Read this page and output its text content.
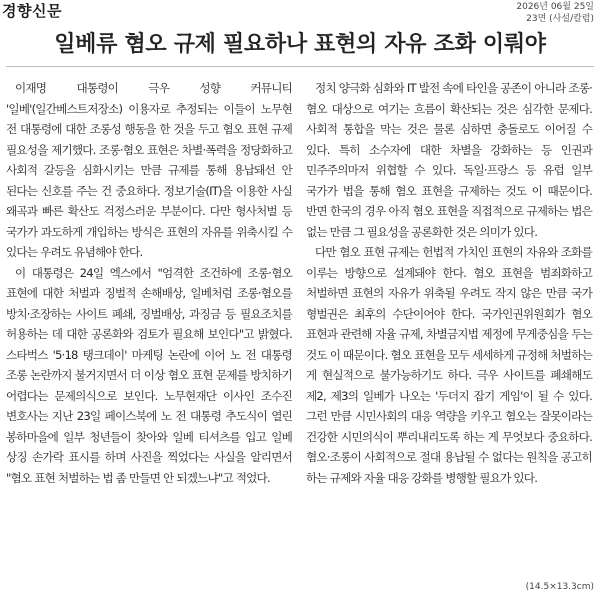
경향신문	2026년 06월 25일
23면 (사설/칼럼)
일베류 혐오 규제 필요하나 표현의 자유 조화 이뤄야

이재명 대통령이 극우 성향 커뮤니티 '일베'(일간베스트저장소) 이용자로 추정되는 이들이 노무현 전 대통령에 대한 조롱성 행동을 한 것을 두고 혐오 표현 규제 필요성을 제기했다. 조롱·혐오 표현은 차별·폭력을 정당화하고 사회적 갈등을 심화시키는 만큼 규제를 통해 용납돼선 안 된다는 신호를 주는 건 중요하다. 정보기술(IT)을 이용한 사실 왜곡과 빠른 확산도 걱정스러운 부분이다. 다만 형사처벌 등 국가가 과도하게 개입하는 방식은 표현의 자유를 위축시킬 수 있다는 우려도 유념해야 한다.

이 대통령은 24일 엑스에서 "엄격한 조건하에 조롱·혐오 표현에 대한 처벌과 징벌적 손해배상, 일베처럼 조롱·혐오를 방치·조장하는 사이트 폐쇄, 징벌배상, 과징금 등 필요조치를 허용하는 데 대한 공론화와 검토가 필요해 보인다"고 밝혔다. 스타벅스 '5·18 탱크데이' 마케팅 논란에 이어 노 전 대통령 조롱 논란까지 불거지면서 더 이상 혐오 표현 문제를 방치하기 어렵다는 문제의식으로 보인다. 노무현재단 이사인 조수진 변호사는 지난 23일 페이스북에 노 전 대통령 추도식이 열린 봉하마을에 일부 청년들이 찾아와 일베 티셔츠를 입고 일베 상징 손가락 표시를 하며 사진을 찍었다는 사실을 알리면서 "혐오 표현 처벌하는 법 좀 만들면 안 되겠느냐"고 적었다.

정치 양극화 심화와 IT 발전 속에 타인을 공존이 아니라 조롱·혐오 대상으로 여기는 흐름이 확산되는 것은 심각한 문제다. 사회적 통합을 막는 것은 물론 심하면 충돌로도 이어질 수 있다. 특히 소수자에 대한 차별을 강화하는 등 인권과 민주주의마저 위협할 수 있다. 독일·프랑스 등 유럽 일부 국가가 법을 통해 혐오 표현을 규제하는 것도 이 때문이다. 반면 한국의 경우 아직 혐오 표현을 직접적으로 규제하는 법은 없는 만큼 그 필요성을 공론화한 것은 의미가 있다.

다만 혐오 표현 규제는 헌법적 가치인 표현의 자유와 조화를 이루는 방향으로 설계돼야 한다. 혐오 표현을 범죄화하고 처벌하면 표현의 자유가 위축될 우려도 작지 않은 만큼 국가 형벌권은 최후의 수단이어야 한다. 국가인권위원회가 혐오 표현과 관련해 자율 규제, 차별금지법 제정에 무게중심을 두는 것도 이 때문이다. 혐오 표현을 모두 세세하게 규정해 처벌하는 게 현실적으로 불가능하기도 하다. 극우 사이트를 폐쇄해도 제2, 제3의 일베가 나오는 '두더지 잡기 게임'이 될 수 있다. 그런 만큼 시민사회의 대응 역량을 키우고 혐오는 잘못이라는 건강한 시민의식이 뿌리내리도록 하는 게 무엇보다 중요하다. 혐오·조롱이 사회적으로 절대 용납될 수 없다는 원칙을 공고히 하는 규제와 자율 대응 강화를 병행할 필요가 있다.

(14.5×13.3cm)
